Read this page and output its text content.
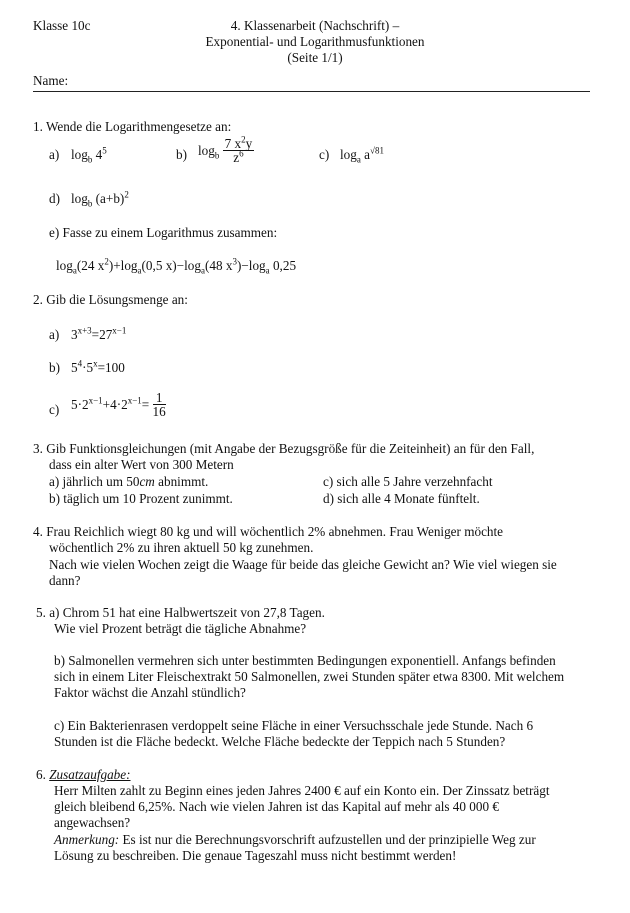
Klasse 10c	4. Klassenarbeit (Nachschrift) –
Exponential- und Logarithmusfunktionen
(Seite 1/1)
Name:
1. Wende die Logarithmengesetze an:
a) $\log_b 4^5$	b) $\log_b \frac{7 x^2y}{z^6}$	c) $\log_a a^{√81}$
d) $\log_b (a+b)^2$
e) Fasse zu einem Logarithmus zusammen:
$\log_a(24$ $x^2)+\log_a(0,5$ $x)-\log_a(48$ $x^3)-\log_a$ 0,25
2. Gib die Lösungsmenge an:
a) $3^{x+3}=27^{x-1}$
b) $5^4\cdot 5^x=100$
c) $5\cdot 2^{x-1}+4\cdot 2^{x-1}= \frac{1}{16}$
3. Gib Funktionsgleichungen (mit Angabe der Bezugsgröße für die Zeiteinheit) an für den Fall,
dass ein alter Wert von 300 Metern
a) jährlich um 50cm abnimmt.
b) täglich um 10 Prozent zunimmt.
c) sich alle 5 Jahre verzehnfacht
d) sich alle 4 Monate fünftelt.
4. Frau Reichlich wiegt 80 kg und will wöchentlich 2% abnehmen. Frau Weniger möchte
wöchentlich 2% zu ihren aktuell 50 kg zunehmen.
Nach wie vielen Wochen zeigt die Waage für beide das gleiche Gewicht an? Wie viel wiegen sie
dann?
5. a) Chrom 51 hat eine Halbwertszeit von 27,8 Tagen.
Wie viel Prozent beträgt die tägliche Abnahme?
b) Salmonellen vermehren sich unter bestimmten Bedingungen exponentiell. Anfangs befinden
sich in einem Liter Fleischextrakt 50 Salmonellen, zwei Stunden später etwa 8300. Mit welchem
Faktor wächst die Anzahl stündlich?
c) Ein Bakterienrasen verdoppelt seine Fläche in einer Versuchsschale jede Stunde. Nach 6
Stunden ist die Fläche bedeckt. Welche Fläche bedeckte der Teppich nach 5 Stunden?
6. Zusatzaufgabe:
Herr Milten zahlt zu Beginn eines jeden Jahres 2400 € auf ein Konto ein. Der Zinssatz beträgt
gleich bleibend 6,25%. Nach wie vielen Jahren ist das Kapital auf mehr als 40 000 €
angewachsen?
Anmerkung: Es ist nur die Berechnungsvorschrift aufzustellen und der prinzipielle Weg zur
Lösung zu beschreiben. Die genaue Tageszahl muss nicht bestimmt werden!
